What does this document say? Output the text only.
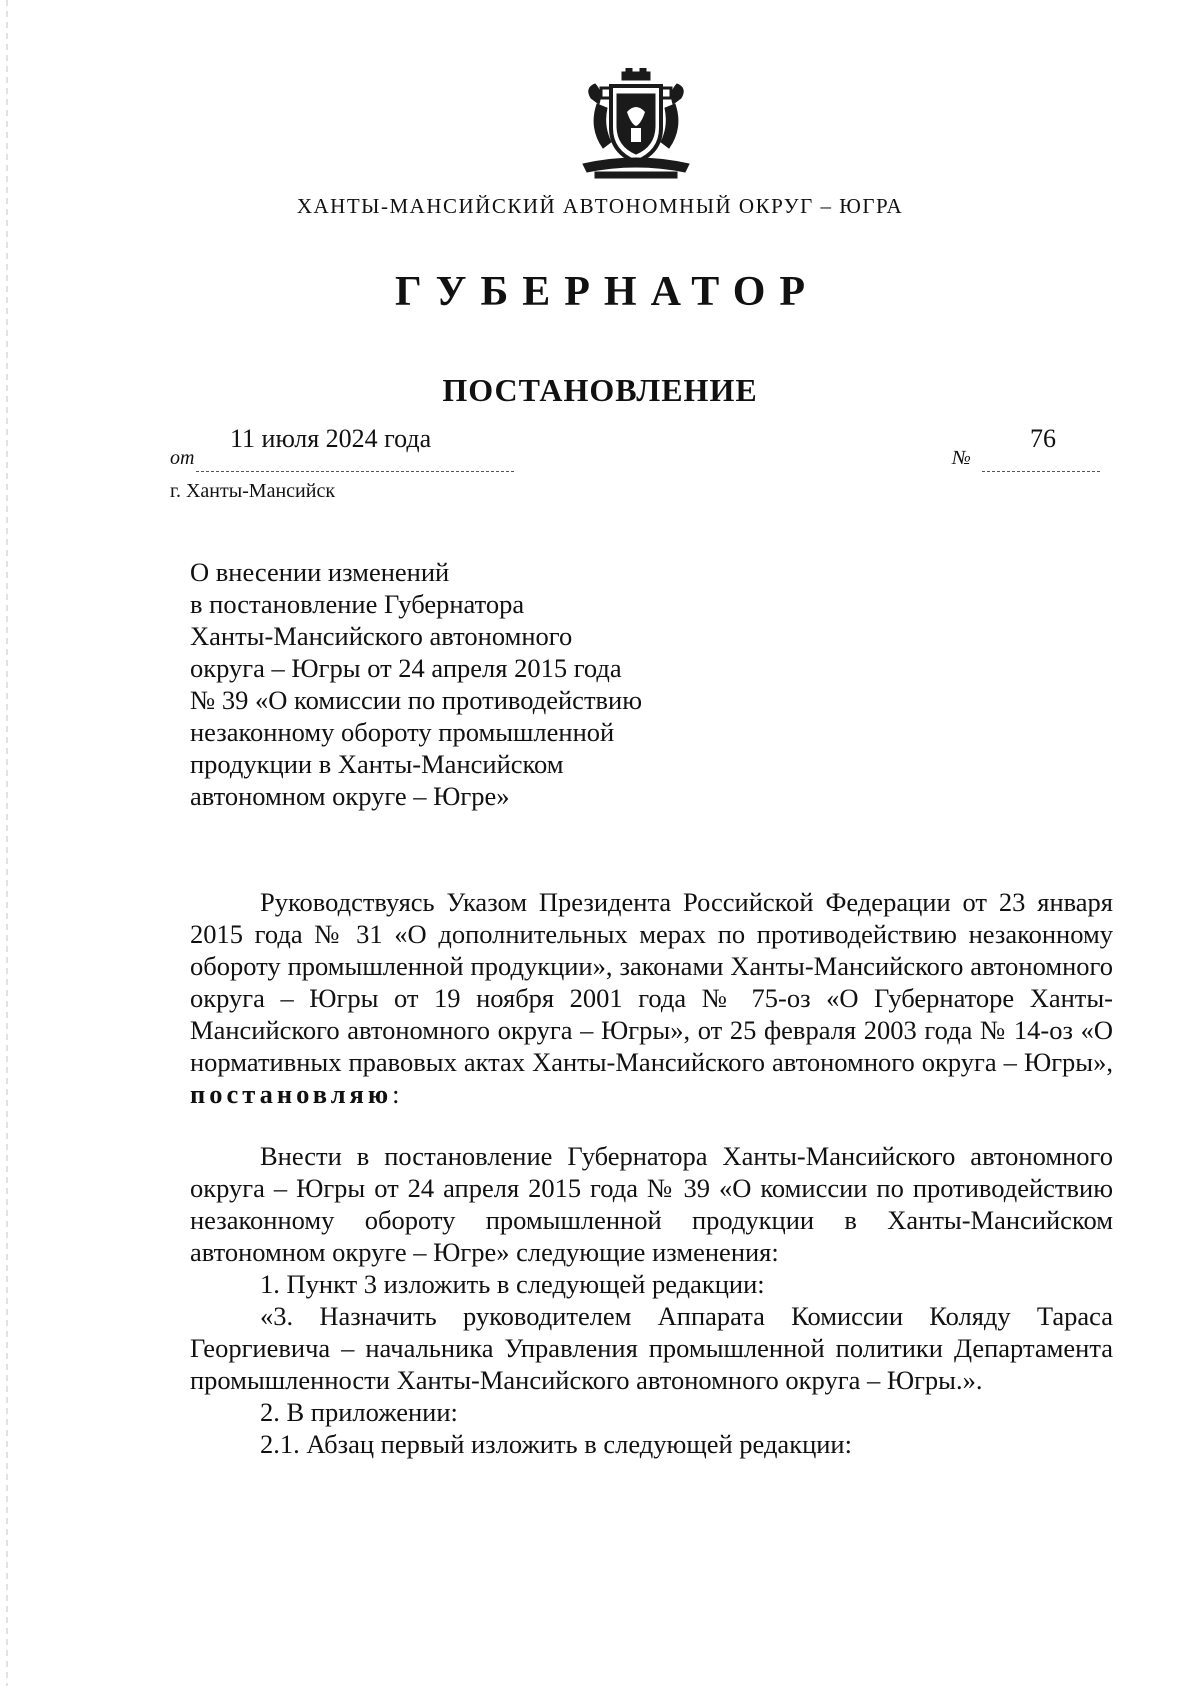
ХАНТЫ-МАНСИЙСКИЙ АВТОНОМНЫЙ ОКРУГ – ЮГРА
ГУБЕРНАТОР
ПОСТАНОВЛЕНИЕ
от
11 июля 2024 года
№
76
г. Ханты-Мансийск
О внесении изменений
в постановление Губернатора
Ханты-Мансийского автономного
округа – Югры от 24 апреля 2015 года
№ 39 «О комиссии по противодействию
незаконному обороту промышленной
продукции в Ханты-Мансийском
автономном округе – Югре»

Руководствуясь Указом Президента Российской Федерации от 23 января 2015 года № 31 «О дополнительных мерах по противодействию незаконному обороту промышленной продукции», законами Ханты-Мансийского автономного округа – Югры от 19 ноября 2001 года № 75-оз «О Губернаторе Ханты-Мансийского автономного округа – Югры», от 25 февраля 2003 года № 14-оз «О нормативных правовых актах Ханты-Мансийского автономного округа – Югры», постановляю:

Внести в постановление Губернатора Ханты-Мансийского автономного округа – Югры от 24 апреля 2015 года № 39 «О комиссии по противодействию незаконному обороту промышленной продукции в Ханты-Мансийском автономном округе – Югре» следующие изменения:

1. Пункт 3 изложить в следующей редакции:

«3. Назначить руководителем Аппарата Комиссии Коляду Тараса Георгиевича – начальника Управления промышленной политики Департамента промышленности Ханты-Мансийского автономного округа – Югры.».

2. В приложении:

2.1. Абзац первый изложить в следующей редакции:
